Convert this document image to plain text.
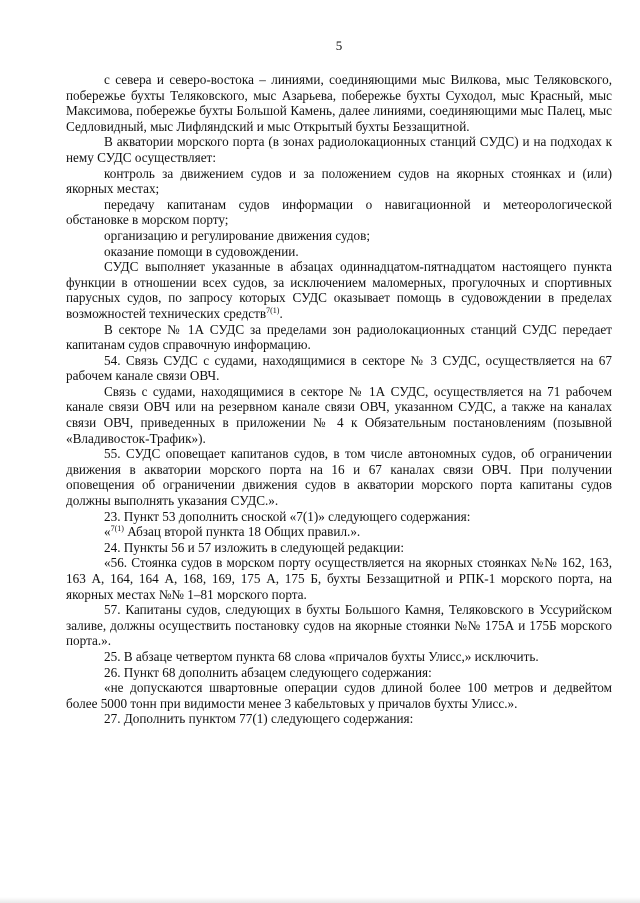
5

с севера и северо-востока – линиями, соединяющими мыс Вилкова, мыс Теляковского, побережье бухты Теляковского, мыс Азарьева, побережье бухты Суходол, мыс Красный, мыс Максимова, побережье бухты Большой Камень, далее линиями, соединяющими мыс Палец, мыс Седловидный, мыс Лифляндский и мыс Открытый бухты Беззащитной.

В акватории морского порта (в зонах радиолокационных станций СУДС) и на подходах к нему СУДС осуществляет:

контроль за движением судов и за положением судов на якорных стоянках и (или) якорных местах;

передачу капитанам судов информации о навигационной и метеорологической обстановке в морском порту;

организацию и регулирование движения судов;

оказание помощи в судовождении.

СУДС выполняет указанные в абзацах одиннадцатом-пятнадцатом настоящего пункта функции в отношении всех судов, за исключением маломерных, прогулочных и спортивных парусных судов, по запросу которых СУДС оказывает помощь в судовождении в пределах возможностей технических средств$^{7(1)}$.

В секторе № 1А СУДС за пределами зон радиолокационных станций СУДС передает капитанам судов справочную информацию.

54. Связь СУДС с судами, находящимися в секторе № 3 СУДС, осуществляется на 67 рабочем канале связи ОВЧ.

Связь с судами, находящимися в секторе № 1А СУДС, осуществляется на 71 рабочем канале связи ОВЧ или на резервном канале связи ОВЧ, указанном СУДС, а также на каналах связи ОВЧ, приведенных в приложении № 4 к Обязательным постановлениям (позывной «Владивосток-Трафик»).

55. СУДС оповещает капитанов судов, в том числе автономных судов, об ограничении движения в акватории морского порта на 16 и 67 каналах связи ОВЧ. При получении оповещения об ограничении движения судов в акватории морского порта капитаны судов должны выполнять указания СУДС.».

23. Пункт 53 дополнить сноской «7(1)» следующего содержания:

«$^{7(1)}$ Абзац второй пункта 18 Общих правил.».

24. Пункты 56 и 57 изложить в следующей редакции:

«56. Стоянка судов в морском порту осуществляется на якорных стоянках №№ 162, 163, 163 А, 164, 164 А, 168, 169, 175 А, 175 Б, бухты Беззащитной и РПК-1 морского порта, на якорных местах №№ 1–81 морского порта.

57. Капитаны судов, следующих в бухты Большого Камня, Теляковского в Уссурийском заливе, должны осуществить постановку судов на якорные стоянки №№ 175А и 175Б морского порта.».

25. В абзаце четвертом пункта 68 слова «причалов бухты Улисс,» исключить.

26. Пункт 68 дополнить абзацем следующего содержания:

«не допускаются швартовные операции судов длиной более 100 метров и дедвейтом более 5000 тонн при видимости менее 3 кабельтовых у причалов бухты Улисс.».

27. Дополнить пунктом 77(1) следующего содержания:
